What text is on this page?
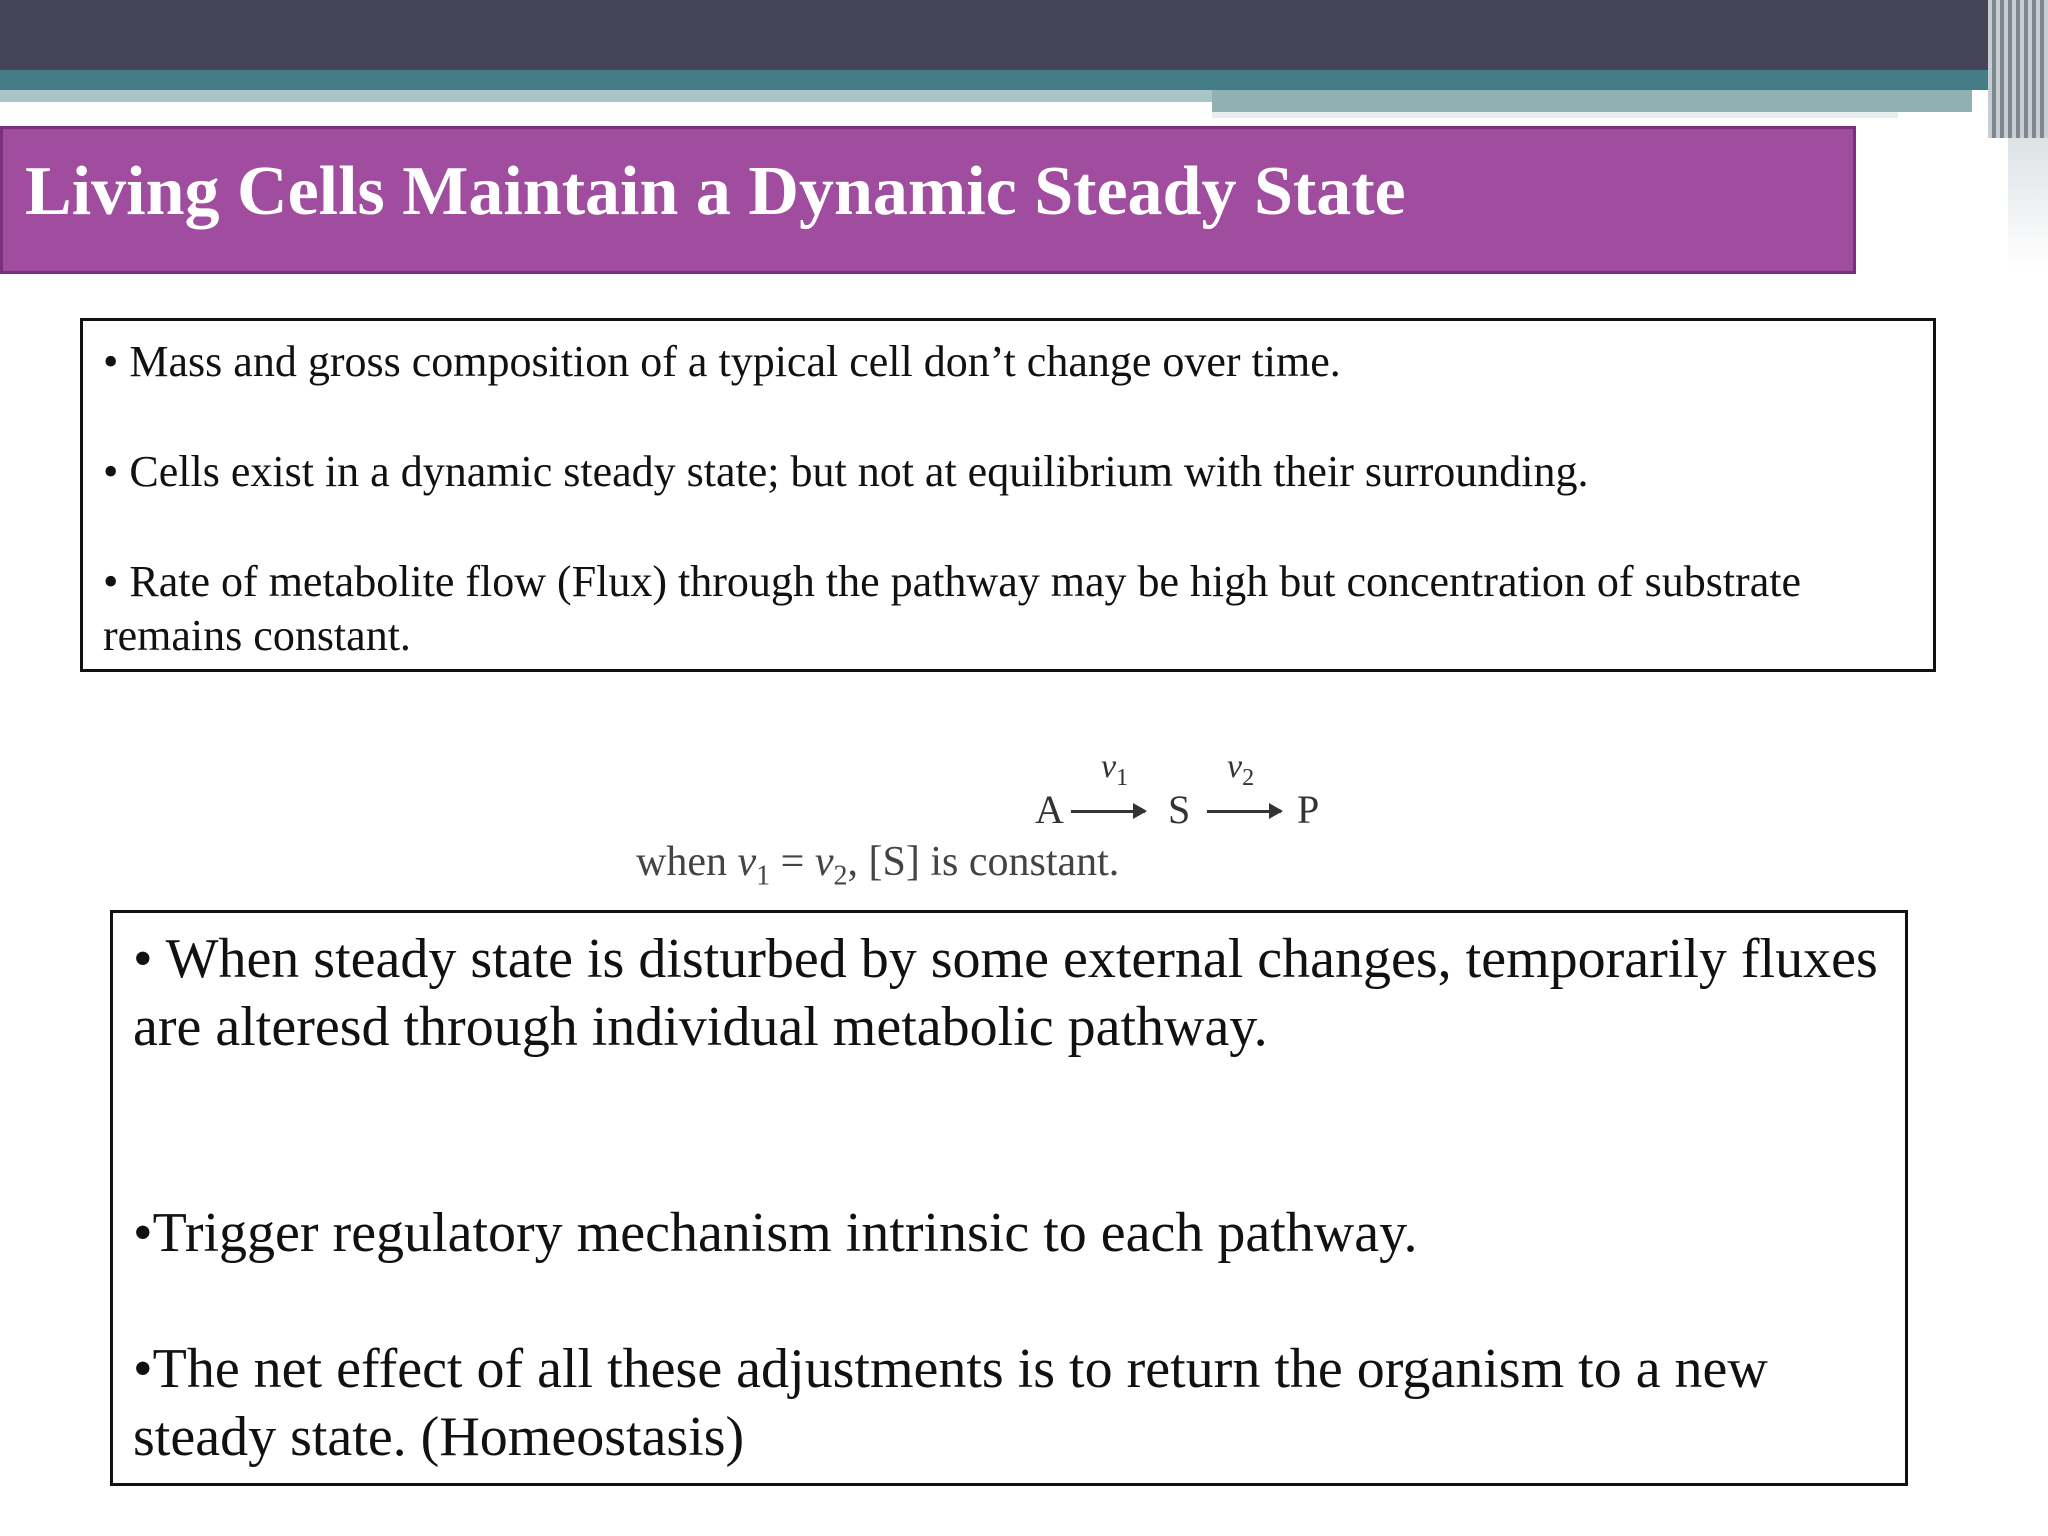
Living Cells Maintain a Dynamic Steady State

• Mass and gross composition of a typical cell don’t change over time.

• Cells exist in a dynamic steady state; but not at equilibrium with their surrounding.

• Rate of metabolite flow (Flux) through the pathway may be high but concentration of substrate remains constant.

A
$v_1$
S
$v_2$
P
when $v_1 = v_2$, [S] is constant.

• When steady state is disturbed by some external changes, temporarily fluxes are alteresd through individual metabolic pathway.

•Trigger regulatory mechanism intrinsic to each pathway.

•The net effect of all these adjustments is to return the organism to a new steady state. (Homeostasis)
